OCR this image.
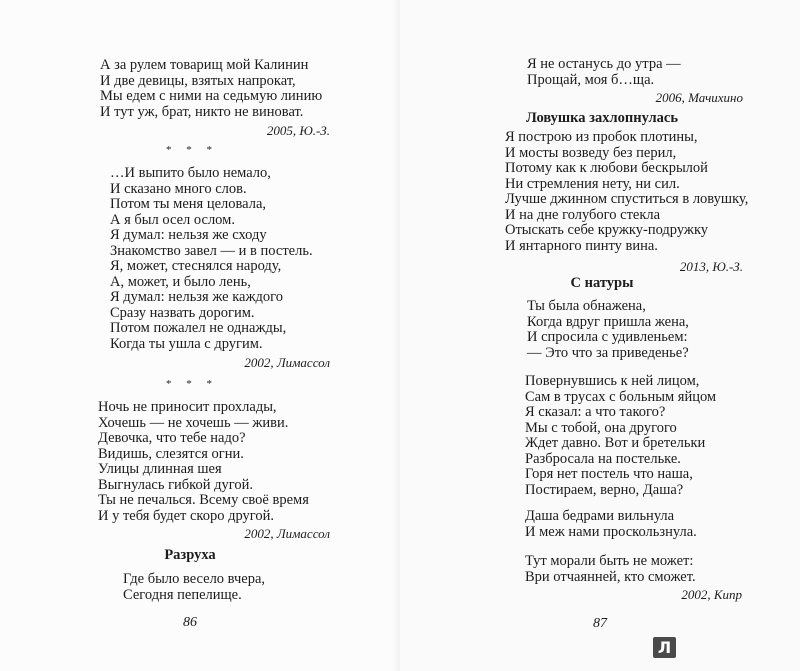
А за рулем товарищ мой Калинин
И две девицы, взятых напрокат,
Мы едем с ними на седьмую линию
И тут уж, брат, никто не виноват.
2005, Ю.-З.
* * *
…И выпито было немало,
И сказано много слов.
Потом ты меня целовала,
А я был осел ослом.
Я думал: нельзя же сходу
Знакомство завел — и в постель.
Я, может, стеснялся народу,
А, может, и было лень,
Я думал: нельзя же каждого
Сразу назвать дорогим.
Потом пожалел не однажды,
Когда ты ушла с другим.
2002, Лимассол
* * *
Ночь не приносит прохлады,
Хочешь — не хочешь — живи.
Девочка, что тебе надо?
Видишь, слезятся огни.
Улицы длинная шея
Выгнулась гибкой дугой.
Ты не печалься. Всему своё время
И у тебя будет скоро другой.
2002, Лимассол
Разруха
Где было весело вчера,
Сегодня пепелище.
86
Я не останусь до утра —
Прощай, моя б…ща.
2006, Мачихино
Ловушка захлопнулась
Я построю из пробок плотины,
И мосты возведу без перил,
Потому как к любови бескрылой
Ни стремления нету, ни сил.
Лучше джинном спуститься в ловушку,
И на дне голубого стекла
Отыскать себе кружку-подружку
И янтарного пинту вина.
2013, Ю.-З.
С натуры
Ты была обнажена,
Когда вдруг пришла жена,
И спросила с удивленьем:
— Это что за приведенье?
Повернувшись к ней лицом,
Сам в трусах с больным яйцом
Я сказал: а что такого?
Мы с тобой, она другого
Ждет давно. Вот и бретельки
Разбросала на постельке.
Горя нет постель что наша,
Постираем, верно, Даша?
Даша бедрами вильнула
И меж нами проскользнула.
Тут морали быть не может:
Ври отчаянней, кто сможет.
2002, Кипр
87
Л
